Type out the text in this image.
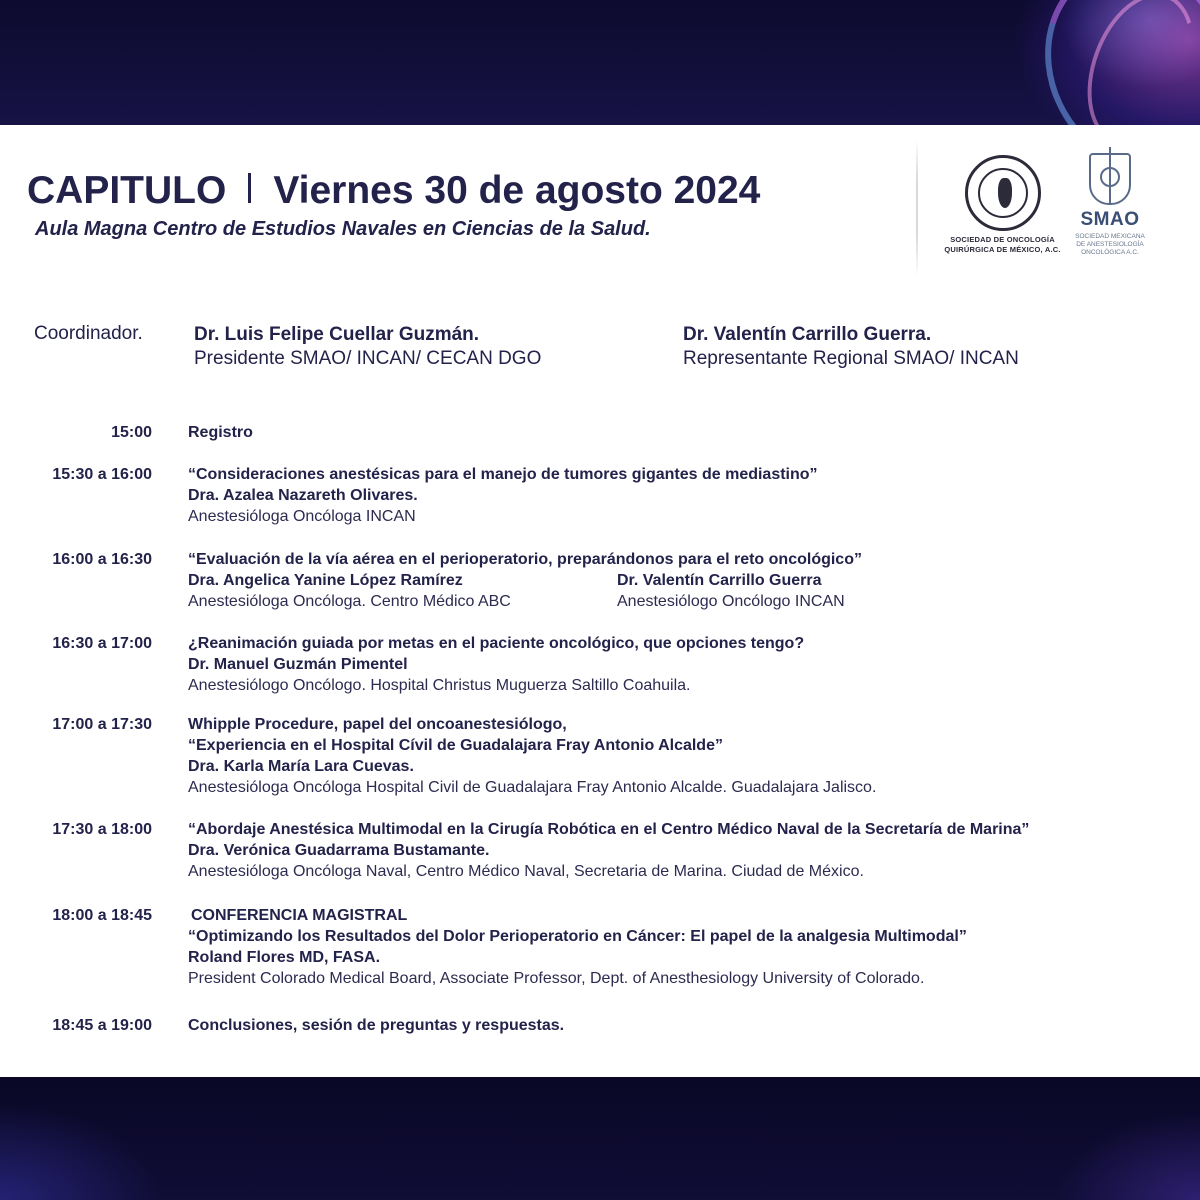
CAPITULO Viernes 30 de agosto 2024

Aula Magna Centro de Estudios Navales en Ciencias de la Salud.	SOCIEDAD DE ONCOLOGÍA
QUIRÚRGICA DE MÉXICO, A.C.
SMAO
SOCIEDAD MEXICANA
DE ANESTESIOLOGÍA
ONCOLÓGICA A.C.
Coordinador.	Dr. Luis Felipe Cuellar Guzmán.
Presidente SMAO/ INCAN/ CECAN DGO
Dr. Valentín Carrillo Guerra.
Representante Regional SMAO/ INCAN
15:00 Registro
15:30 a 16:00 “Consideraciones anestésicas para el manejo de tumores gigantes de mediastino”
Dra. Azalea Nazareth Olivares.
Anestesióloga Oncóloga INCAN
16:00 a 16:30 “Evaluación de la vía aérea en el perioperatorio, preparándonos para el reto oncológico”
Dra. Angelica Yanine López Ramírez
Anestesióloga Oncóloga. Centro Médico ABC
Dr. Valentín Carrillo Guerra
Anestesiólogo Oncólogo INCAN
16:30 a 17:00 ¿Reanimación guiada por metas en el paciente oncológico, que opciones tengo?
Dr. Manuel Guzmán Pimentel
Anestesiólogo Oncólogo. Hospital Christus Muguerza Saltillo Coahuila.
17:00 a 17:30 Whipple Procedure, papel del oncoanestesiólogo,
“Experiencia en el Hospital Cívil de Guadalajara Fray Antonio Alcalde”
Dra. Karla María Lara Cuevas.
Anestesióloga Oncóloga Hospital Civil de Guadalajara Fray Antonio Alcalde. Guadalajara Jalisco.
17:30 a 18:00 “Abordaje Anestésica Multimodal en la Cirugía Robótica en el Centro Médico Naval de la Secretaría de Marina”
Dra. Verónica Guadarrama Bustamante.
Anestesióloga Oncóloga Naval, Centro Médico Naval, Secretaria de Marina. Ciudad de México.
18:00 a 18:45 CONFERENCIA MAGISTRAL
“Optimizando los Resultados del Dolor Perioperatorio en Cáncer: El papel de la analgesia Multimodal”
Roland Flores MD, FASA.
President Colorado Medical Board, Associate Professor, Dept. of Anesthesiology University of Colorado.
18:45 a 19:00 Conclusiones, sesión de preguntas y respuestas.
